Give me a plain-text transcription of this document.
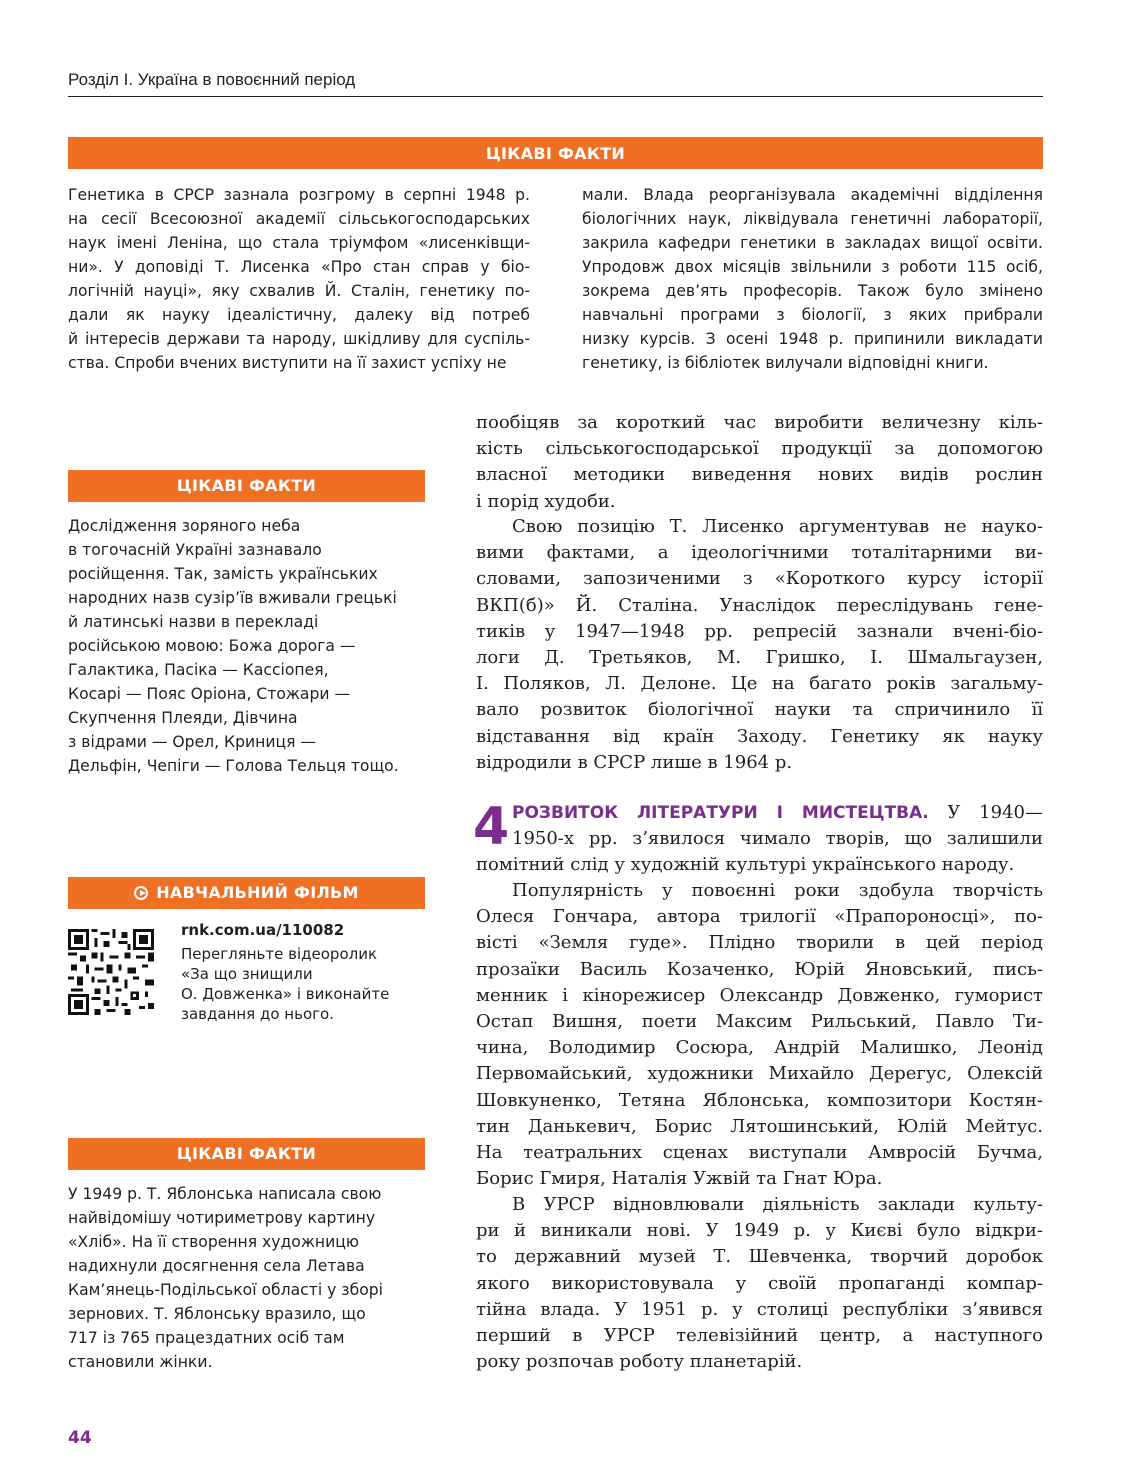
Розділ І. Україна в повоєнний період
ЦІКАВІ ФАКТИ

Генетика в СРСР зазнала розгрому в серпні 1948 р.

на сесії Всесоюзної академії сільськогосподарських

наук імені Леніна, що стала тріумфом «лисенківщи-

ни». У доповіді Т. Лисенка «Про стан справ у біо-

логічній науці», яку схвалив Й. Сталін, генетику по-

дали як науку ідеалістичну, далеку від потреб

й інтересів держави та народу, шкідливу для суспіль-

ства. Спроби вчених виступити на її захист успіху не

мали. Влада реорганізувала академічні відділення

біологічних наук, ліквідувала генетичні лабораторії,

закрила кафедри генетики в закладах вищої освіти.

Упродовж двох місяців звільнили з роботи 115 осіб,

зокрема дев’ять професорів. Також було змінено

навчальні програми з біології, з яких прибрали

низку курсів. З осені 1948 р. припинили викладати

генетику, із бібліотек вилучали відповідні книги.

ЦІКАВІ ФАКТИ

Дослідження зоряного неба

в тогочасній Україні зазнавало

російщення. Так, замість українських

народних назв сузір’їв вживали грецькі

й латинські назви в перекладі

російською мовою: Божа дорога —

Галактика, Пасіка — Кассіопея,

Косарі — Пояс Оріона, Стожари —

Скупчення Плеяди, Дівчина

з відрами — Орел, Криниця —

Дельфін, Чепіги — Голова Тельця тощо.

НАВЧАЛЬНИЙ ФІЛЬМ
rnk.com.ua/110082

Перегляньте відеоролик

«За що знищили

О. Довженка» і виконайте

завдання до нього.

ЦІКАВІ ФАКТИ

У 1949 р. Т. Яблонська написала свою

найвідомішу чотириметрову картину

«Хліб». На її створення художницю

надихнули досягнення села Летава

Кам’янець-Подільської області у зборі

зернових. Т. Яблонську вразило, що

717 із 765 працездатних осіб там

становили жінки.

пообіцяв за короткий час виробити величезну кіль-

кість сільськогосподарської продукції за допомогою

власної методики виведення нових видів рослин

і порід худоби.

Свою позицію Т. Лисенко аргументував не науко-

вими фактами, а ідеологічними тоталітарними ви-

словами, запозиченими з «Короткого курсу історії

ВКП(б)» Й. Сталіна. Унаслідок переслідувань гене-

тиків у 1947—1948 рр. репресій зазнали вчені-біо-

логи Д. Третьяков, М. Гришко, І. Шмальгаузен,

І. Поляков, Л. Делоне. Це на багато років загальму-

вало розвиток біологічної науки та спричинило її

відставання від країн Заходу. Генетику як науку

відродили в СРСР лише в 1964 р.

4 РОЗВИТОК ЛІТЕРАТУРИ І МИСТЕЦТВА. У 1940—

1950-х рр. з’явилося чимало творів, що залишили

помітний слід у художній культурі українського народу.

Популярність у повоєнні роки здобула творчість

Олеся Гончара, автора трилогії «Прапороносці», по-

вісті «Земля гуде». Плідно творили в цей період

прозаїки Василь Козаченко, Юрій Яновський, пись-

менник і кінорежисер Олександр Довженко, гуморист

Остап Вишня, поети Максим Рильський, Павло Ти-

чина, Володимир Сосюра, Андрій Малишко, Леонід

Первомайський, художники Михайло Дерегус, Олексій

Шовкуненко, Тетяна Яблонська, композитори Костян-

тин Данькевич, Борис Лятошинський, Юлій Мейтус.

На театральних сценах виступали Амвросій Бучма,

Борис Гмиря, Наталія Ужвій та Гнат Юра.

В УРСР відновлювали діяльність заклади культу-

ри й виникали нові. У 1949 р. у Києві було відкри-

то державний музей Т. Шевченка, творчий доробок

якого використовувала у своїй пропаганді компар-

тійна влада. У 1951 р. у столиці республіки з’явився

перший в УРСР телевізійний центр, а наступного

року розпочав роботу планетарій.

44
